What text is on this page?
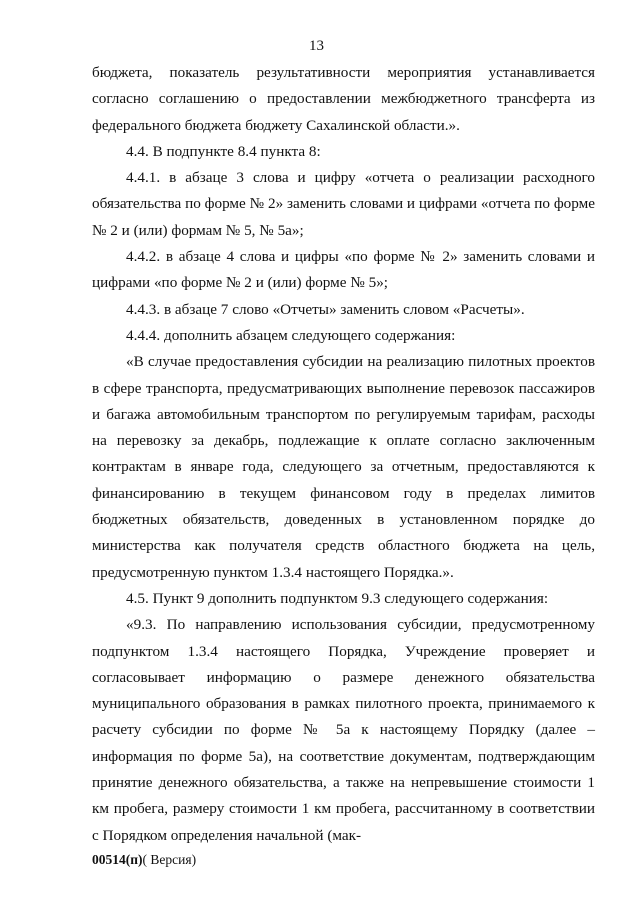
13

бюджета, показатель результативности мероприятия устанавливается согласно соглашению о предоставлении межбюджетного трансферта из федерального бюджета бюджету Сахалинской области.».

4.4. В подпункте 8.4 пункта 8:

4.4.1. в абзаце 3 слова и цифру «отчета о реализации расходного обязательства по форме № 2» заменить словами и цифрами «отчета по форме № 2 и (или) формам № 5, № 5а»;

4.4.2. в абзаце 4 слова и цифры «по форме № 2» заменить словами и цифрами «по форме № 2 и (или) форме № 5»;

4.4.3. в абзаце 7 слово «Отчеты» заменить словом «Расчеты».

4.4.4. дополнить абзацем следующего содержания:

«В случае предоставления субсидии на реализацию пилотных проектов в сфере транспорта, предусматривающих выполнение перевозок пассажиров и багажа автомобильным транспортом по регулируемым тарифам, расходы на перевозку за декабрь, подлежащие к оплате согласно заключенным контрактам в январе года, следующего за отчетным, предоставляются к финансированию в текущем финансовом году в пределах лимитов бюджетных обязательств, доведенных в установленном порядке до министерства как получателя средств областного бюджета на цель, предусмотренную пунктом 1.3.4 настоящего Порядка.».

4.5. Пункт 9 дополнить подпунктом 9.3 следующего содержания:

«9.3. По направлению использования субсидии, предусмотренному подпунктом 1.3.4 настоящего Порядка, Учреждение проверяет и согласовывает информацию о размере денежного обязательства муниципального образования в рамках пилотного проекта, принимаемого к расчету субсидии по форме № 5а к настоящему Порядку (далее – информация по форме 5а), на соответствие документам, подтверждающим принятие денежного обязательства, а также на непревышение стоимости 1 км пробега, размеру стоимости 1 км пробега, рассчитанному в соответствии с Порядком определения начальной (мак-

00514(п)( Версия)
